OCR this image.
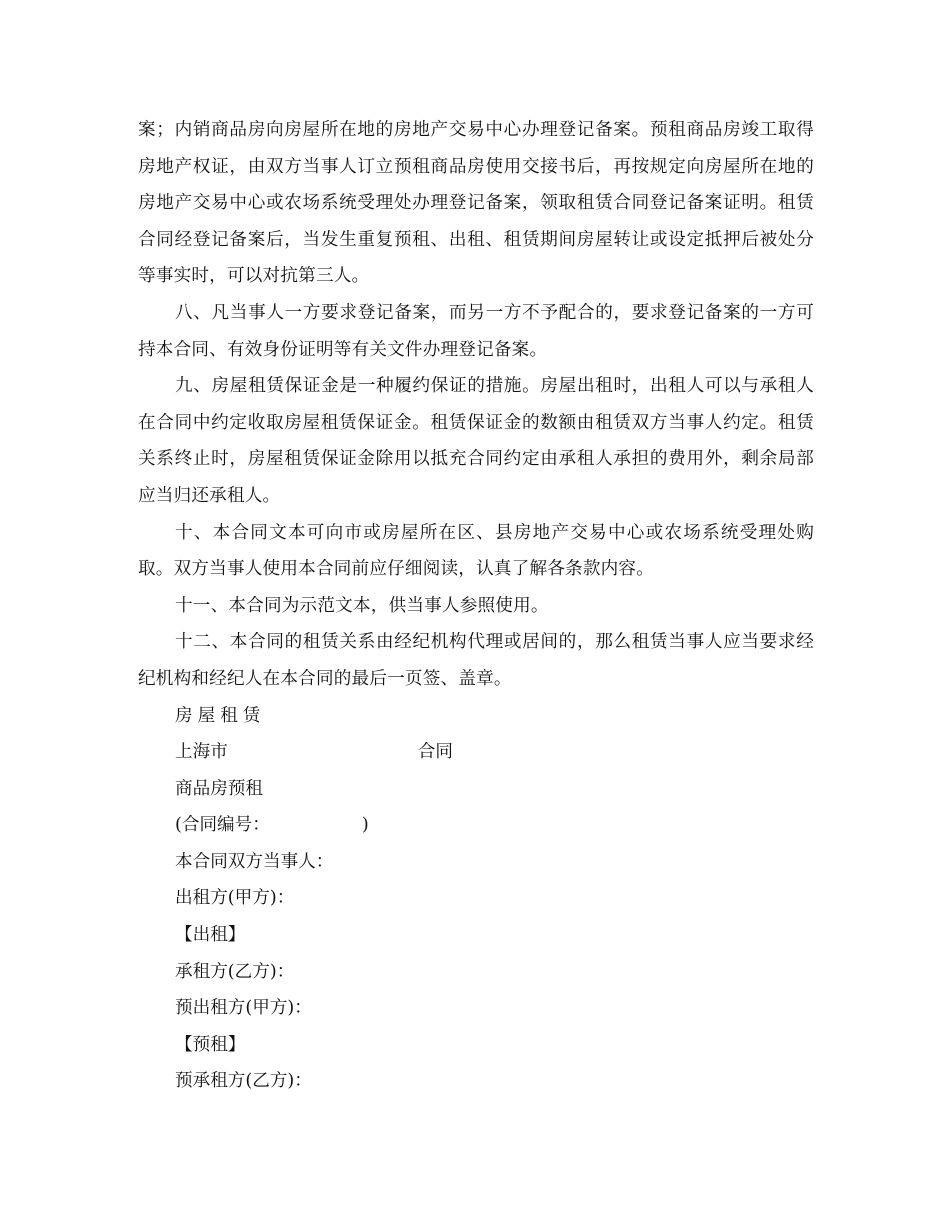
案；内销商品房向房屋所在地的房地产交易中心办理登记备案。预租商品房竣工取得房地产权证，由双方当事人订立预租商品房使用交接书后，再按规定向房屋所在地的房地产交易中心或农场系统受理处办理登记备案，领取租赁合同登记备案证明。租赁合同经登记备案后，当发生重复预租、出租、租赁期间房屋转让或设定抵押后被处分等事实时，可以对抗第三人。

八、凡当事人一方要求登记备案，而另一方不予配合的，要求登记备案的一方可持本合同、有效身份证明等有关文件办理登记备案。

九、房屋租赁保证金是一种履约保证的措施。房屋出租时，出租人可以与承租人在合同中约定收取房屋租赁保证金。租赁保证金的数额由租赁双方当事人约定。租赁关系终止时，房屋租赁保证金除用以抵充合同约定由承租人承担的费用外，剩余局部应当归还承租人。

十、本合同文本可向市或房屋所在区、县房地产交易中心或农场系统受理处购取。双方当事人使用本合同前应仔细阅读，认真了解各条款内容。

十一、本合同为示范文本，供当事人参照使用。

十二、本合同的租赁关系由经纪机构代理或居间的，那么租赁当事人应当要求经纪机构和经纪人在本合同的最后一页签、盖章。

房屋租赁

上海市	合同

商品房预租

(合同编号：	)

本合同双方当事人：

出租方(甲方)：

【出租】

承租方(乙方)：

预出租方(甲方)：

【预租】

预承租方(乙方)：
